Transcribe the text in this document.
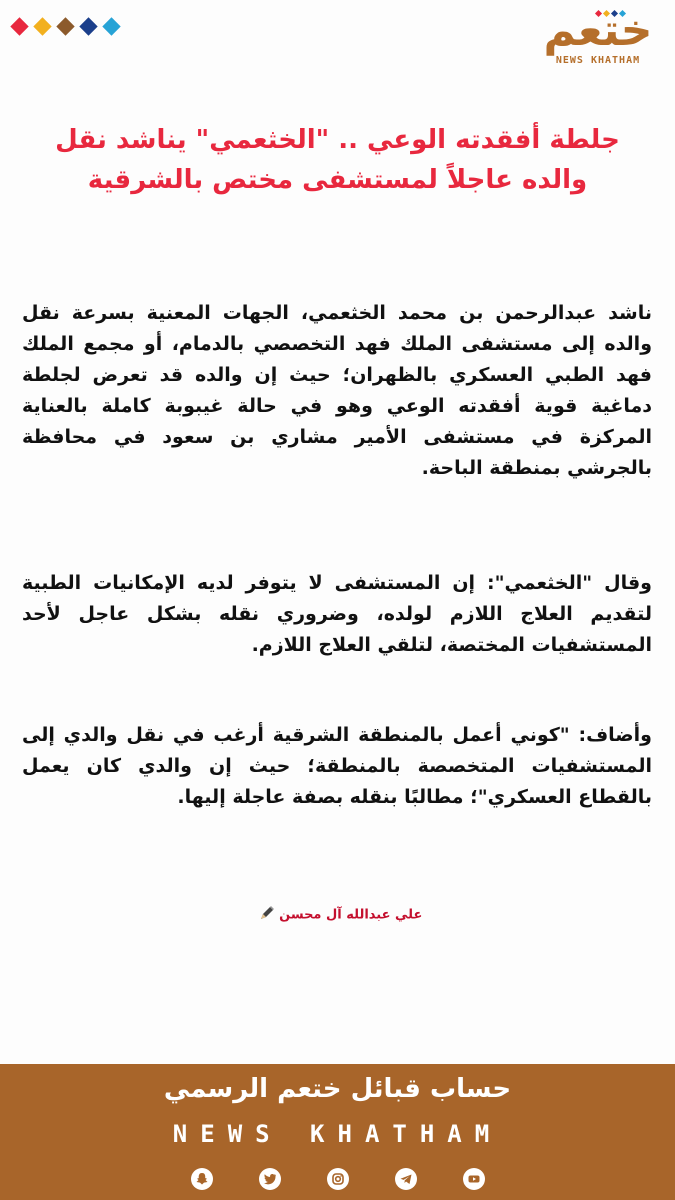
ختعم
NEWS KHATHAM
جلطة أفقدته الوعي .. "الخثعمي" يناشد نقل والده عاجلاً لمستشفى مختص بالشرقية

ناشد عبدالرحمن بن محمد الخثعمي، الجهات المعنية بسرعة نقل والده إلى مستشفى الملك فهد التخصصي بالدمام، أو مجمع الملك فهد الطبي العسكري بالظهران؛ حيث إن والده قد تعرض لجلطة دماغية قوية أفقدته الوعي وهو في حالة غيبوبة كاملة بالعناية المركزة في مستشفى الأمير مشاري بن سعود في محافظة بالجرشي بمنطقة الباحة.

وقال "الخثعمي": إن المستشفى لا يتوفر لديه الإمكانيات الطبية لتقديم العلاج اللازم لولده، وضروري نقله بشكل عاجل لأحد المستشفيات المختصة، لتلقي العلاج اللازم.

وأضاف: "كوني أعمل بالمنطقة الشرقية أرغب في نقل والدي إلى المستشفيات المتخصصة بالمنطقة؛ حيث إن والدي كان يعمل بالقطاع العسكري"؛ مطالبًا بنقله بصفة عاجلة إليها.

علي عبدالله آل محسن
حساب قبائل ختعم الرسمي
NEWS KHATHAM
